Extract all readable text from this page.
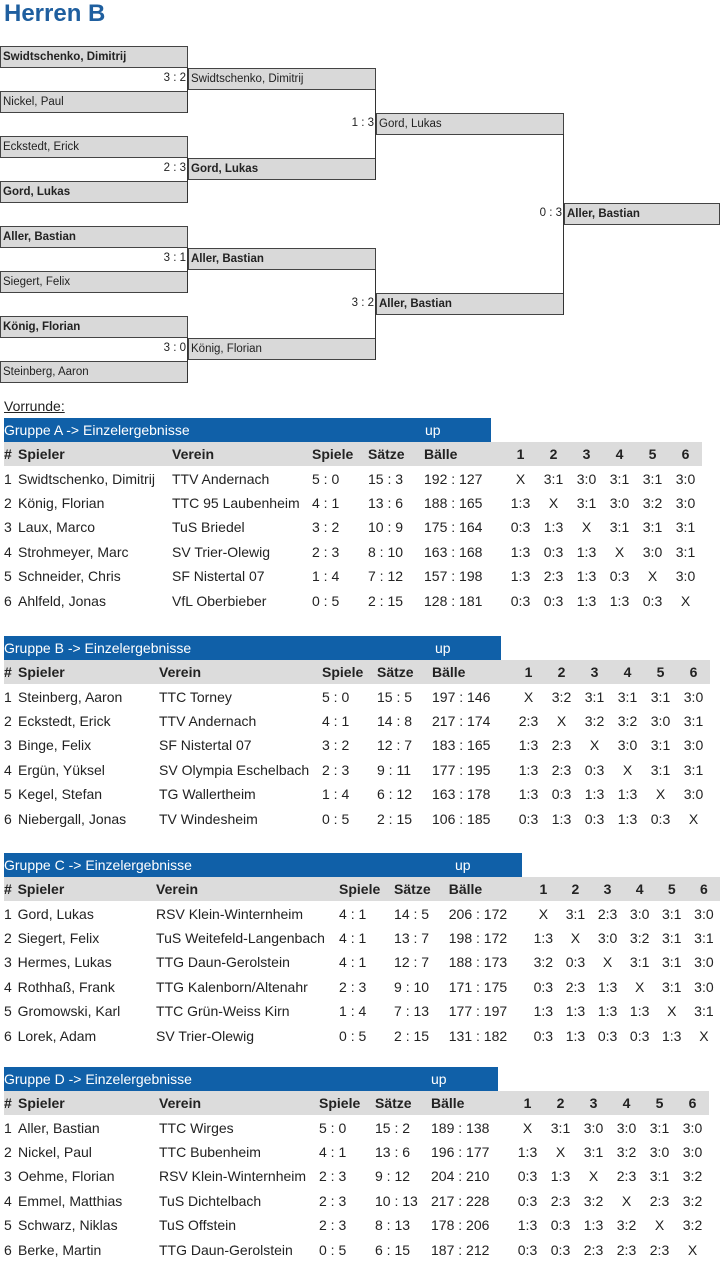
Herren B
Swidtschenko, Dimitrij
Nickel, Paul
Eckstedt, Erick
Gord, Lukas
Aller, Bastian
Siegert, Felix
König, Florian
Steinberg, Aaron
Swidtschenko, Dimitrij
3 : 2
Gord, Lukas
2 : 3
Aller, Bastian
3 : 1
König, Florian
3 : 0
Gord, Lukas
1 : 3
Aller, Bastian
3 : 2
Aller, Bastian
0 : 3
Vorrunde:
Gruppe A -> Einzelergebnisse	up
#	Spieler	Verein	Spiele	Sätze	Bälle	1	2	3	4	5	6
1	Swidtschenko, Dimitrij	TTV Andernach	5 : 0	15 : 3	192 : 127	X	3:1	3:0	3:1	3:1	3:0
2	König, Florian	TTC 95 Laubenheim	4 : 1	13 : 6	188 : 165	1:3	X	3:1	3:0	3:2	3:0
3	Laux, Marco	TuS Briedel	3 : 2	10 : 9	175 : 164	0:3	1:3	X	3:1	3:1	3:1
4	Strohmeyer, Marc	SV Trier-Olewig	2 : 3	8 : 10	163 : 168	1:3	0:3	1:3	X	3:0	3:1
5	Schneider, Chris	SF Nistertal 07	1 : 4	7 : 12	157 : 198	1:3	2:3	1:3	0:3	X	3:0
6	Ahlfeld, Jonas	VfL Oberbieber	0 : 5	2 : 15	128 : 181	0:3	0:3	1:3	1:3	0:3	X
Gruppe B -> Einzelergebnisse	up
#	Spieler	Verein	Spiele	Sätze	Bälle	1	2	3	4	5	6
1	Steinberg, Aaron	TTC Torney	5 : 0	15 : 5	197 : 146	X	3:2	3:1	3:1	3:1	3:0
2	Eckstedt, Erick	TTV Andernach	4 : 1	14 : 8	217 : 174	2:3	X	3:2	3:2	3:0	3:1
3	Binge, Felix	SF Nistertal 07	3 : 2	12 : 7	183 : 165	1:3	2:3	X	3:0	3:1	3:0
4	Ergün, Yüksel	SV Olympia Eschelbach	2 : 3	9 : 11	177 : 195	1:3	2:3	0:3	X	3:1	3:1
5	Kegel, Stefan	TG Wallertheim	1 : 4	6 : 12	163 : 178	1:3	0:3	1:3	1:3	X	3:0
6	Niebergall, Jonas	TV Windesheim	0 : 5	2 : 15	106 : 185	0:3	1:3	0:3	1:3	0:3	X
Gruppe C -> Einzelergebnisse	up
#	Spieler	Verein	Spiele	Sätze	Bälle	1	2	3	4	5	6
1	Gord, Lukas	RSV Klein-Winternheim	4 : 1	14 : 5	206 : 172	X	3:1	2:3	3:0	3:1	3:0
2	Siegert, Felix	TuS Weitefeld-Langenbach	4 : 1	13 : 7	198 : 172	1:3	X	3:0	3:2	3:1	3:1
3	Hermes, Lukas	TTG Daun-Gerolstein	4 : 1	12 : 7	188 : 173	3:2	0:3	X	3:1	3:1	3:0
4	Rothhaß, Frank	TTG Kalenborn/Altenahr	2 : 3	9 : 10	171 : 175	0:3	2:3	1:3	X	3:1	3:0
5	Gromowski, Karl	TTC Grün-Weiss Kirn	1 : 4	7 : 13	177 : 197	1:3	1:3	1:3	1:3	X	3:1
6	Lorek, Adam	SV Trier-Olewig	0 : 5	2 : 15	131 : 182	0:3	1:3	0:3	0:3	1:3	X
Gruppe D -> Einzelergebnisse	up
#	Spieler	Verein	Spiele	Sätze	Bälle	1	2	3	4	5	6
1	Aller, Bastian	TTC Wirges	5 : 0	15 : 2	189 : 138	X	3:1	3:0	3:0	3:1	3:0
2	Nickel, Paul	TTC Bubenheim	4 : 1	13 : 6	196 : 177	1:3	X	3:1	3:2	3:0	3:0
3	Oehme, Florian	RSV Klein-Winternheim	2 : 3	9 : 12	204 : 210	0:3	1:3	X	2:3	3:1	3:2
4	Emmel, Matthias	TuS Dichtelbach	2 : 3	10 : 13	217 : 228	0:3	2:3	3:2	X	2:3	3:2
5	Schwarz, Niklas	TuS Offstein	2 : 3	8 : 13	178 : 206	1:3	0:3	1:3	3:2	X	3:2
6	Berke, Martin	TTG Daun-Gerolstein	0 : 5	6 : 15	187 : 212	0:3	0:3	2:3	2:3	2:3	X
